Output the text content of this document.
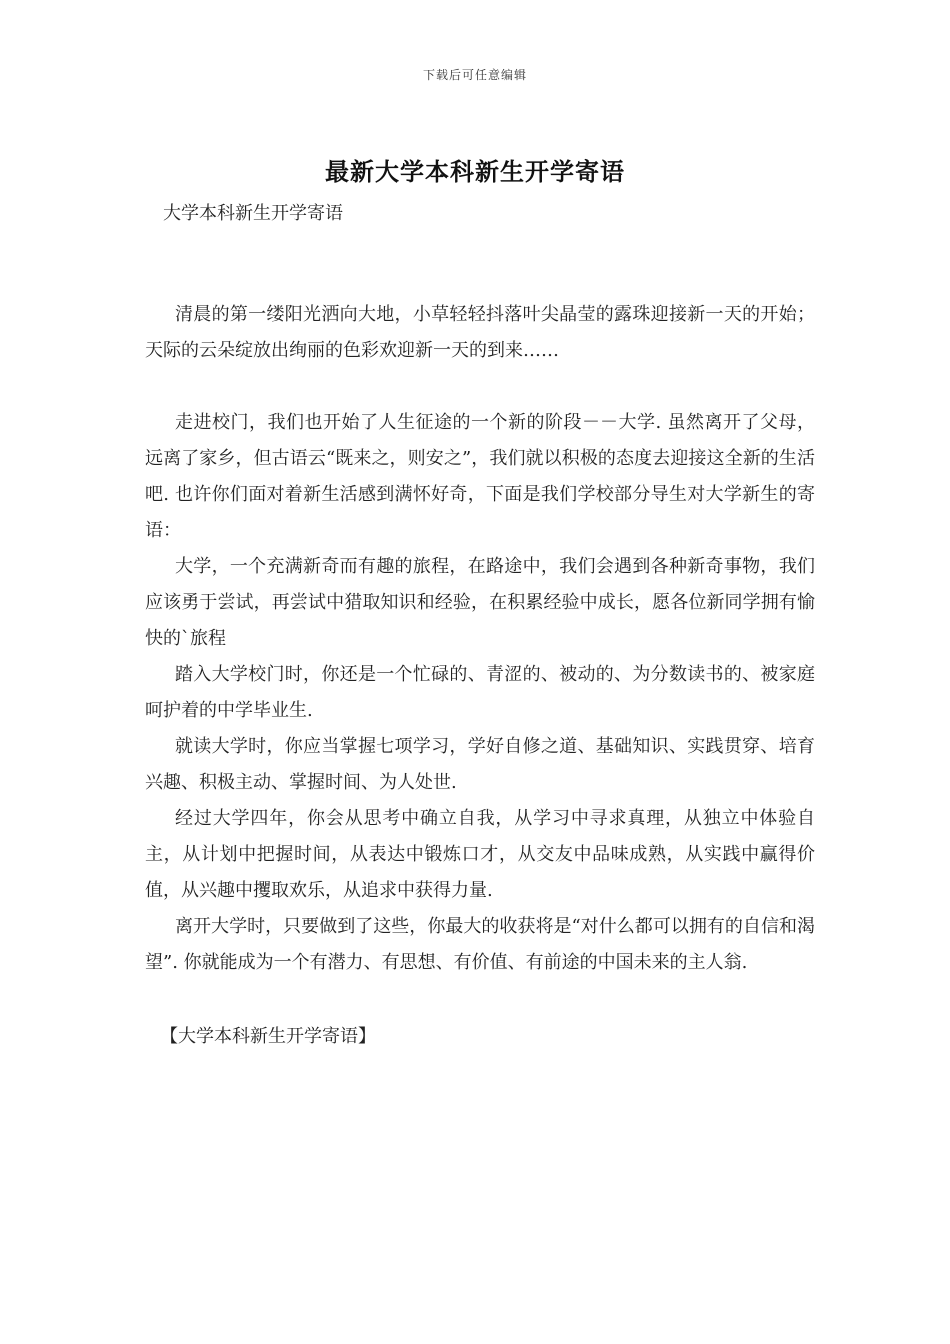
下载后可任意编辑
最新大学本科新生开学寄语
大学本科新生开学寄语

清晨的第一缕阳光洒向大地，小草轻轻抖落叶尖晶莹的露珠迎接新一天的开始；天际的云朵绽放出绚丽的色彩欢迎新一天的到来……

走进校门，我们也开始了人生征途的一个新的阶段－－大学. 虽然离开了父母，远离了家乡，但古语云“既来之，则安之”，我们就以积极的态度去迎接这全新的生活吧. 也许你们面对着新生活感到满怀好奇，下面是我们学校部分导生对大学新生的寄语：

大学，一个充满新奇而有趣的旅程，在路途中，我们会遇到各种新奇事物，我们应该勇于尝试，再尝试中猎取知识和经验，在积累经验中成长，愿各位新同学拥有愉快的`旅程

踏入大学校门时，你还是一个忙碌的、青涩的、被动的、为分数读书的、被家庭呵护着的中学毕业生.

就读大学时，你应当掌握七项学习，学好自修之道、基础知识、实践贯穿、培育兴趣、积极主动、掌握时间、为人处世.

经过大学四年，你会从思考中确立自我，从学习中寻求真理，从独立中体验自主，从计划中把握时间，从表达中锻炼口才，从交友中品味成熟，从实践中赢得价值，从兴趣中攫取欢乐，从追求中获得力量.

离开大学时，只要做到了这些，你最大的收获将是“对什么都可以拥有的自信和渴望”. 你就能成为一个有潜力、有思想、有价值、有前途的中国未来的主人翁.

【大学本科新生开学寄语】
